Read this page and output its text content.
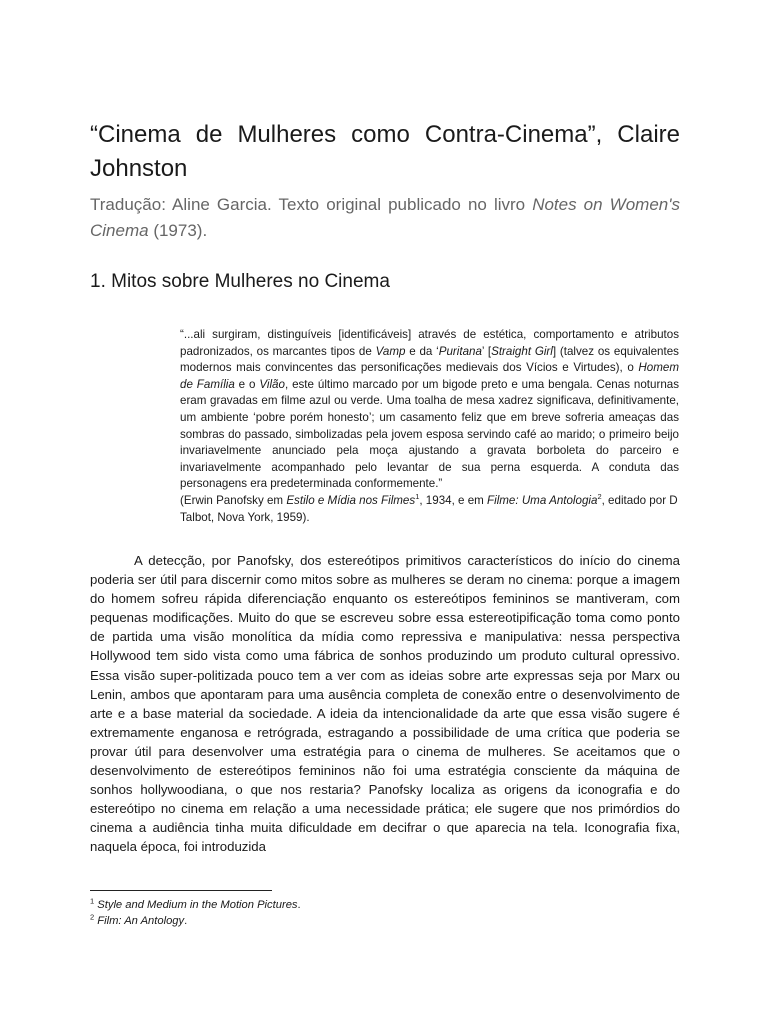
“Cinema de Mulheres como Contra-Cinema”, Claire Johnston

Tradução: Aline Garcia. Texto original publicado no livro Notes on Women's Cinema (1973).

1. Mitos sobre Mulheres no Cinema

“...ali surgiram, distinguíveis [identificáveis] através de estética, comportamento e atributos padronizados, os marcantes tipos de Vamp e da ‘Puritana’ [Straight Girl] (talvez os equivalentes modernos mais convincentes das personificações medievais dos Vícios e Virtudes), o Homem de Família e o Vilão, este último marcado por um bigode preto e uma bengala. Cenas noturnas eram gravadas em filme azul ou verde. Uma toalha de mesa xadrez significava, definitivamente, um ambiente ‘pobre porém honesto’; um casamento feliz que em breve sofreria ameaças das sombras do passado, simbolizadas pela jovem esposa servindo café ao marido; o primeiro beijo invariavelmente anunciado pela moça ajustando a gravata borboleta do parceiro e invariavelmente acompanhado pelo levantar de sua perna esquerda. A conduta das personagens era predeterminada conformemente.”
(Erwin Panofsky em Estilo e Mídia nos Filmes$^1$, 1934, e em Filme: Uma Antologia$^2$, editado por D Talbot, Nova York, 1959).

A detecção, por Panofsky, dos estereótipos primitivos característicos do início do cinema poderia ser útil para discernir como mitos sobre as mulheres se deram no cinema: porque a imagem do homem sofreu rápida diferenciação enquanto os estereótipos femininos se mantiveram, com pequenas modificações. Muito do que se escreveu sobre essa estereotipificação toma como ponto de partida uma visão monolítica da mídia como repressiva e manipulativa: nessa perspectiva Hollywood tem sido vista como uma fábrica de sonhos produzindo um produto cultural opressivo. Essa visão super-politizada pouco tem a ver com as ideias sobre arte expressas seja por Marx ou Lenin, ambos que apontaram para uma ausência completa de conexão entre o desenvolvimento de arte e a base material da sociedade. A ideia da intencionalidade da arte que essa visão sugere é extremamente enganosa e retrógrada, estragando a possibilidade de uma crítica que poderia se provar útil para desenvolver uma estratégia para o cinema de mulheres. Se aceitamos que o desenvolvimento de estereótipos femininos não foi uma estratégia consciente da máquina de sonhos hollywoodiana, o que nos restaria? Panofsky localiza as origens da iconografia e do estereótipo no cinema em relação a uma necessidade prática; ele sugere que nos primórdios do cinema a audiência tinha muita dificuldade em decifrar o que aparecia na tela. Iconografia fixa, naquela época, foi introduzida

$^1$ Style and Medium in the Motion Pictures.
$^2$ Film: An Antology.
